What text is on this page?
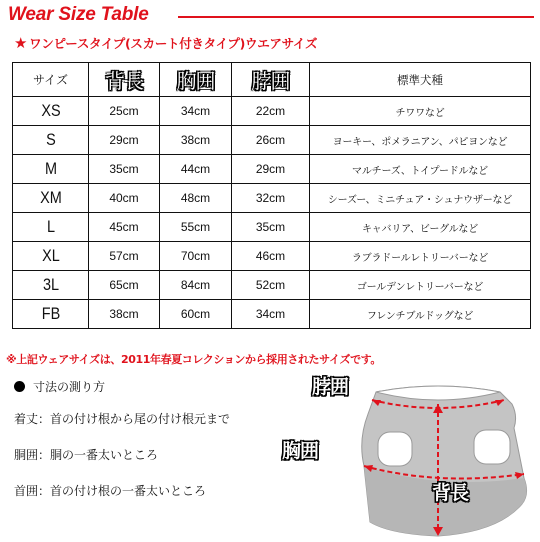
Wear Size Table
★ ワンピースタイプ(スカート付きタイプ)ウエアサイズ
サイズ	背長	胸囲	脖囲	標準犬種
XS	25cm	34cm	22cm	チワワなど
S	29cm	38cm	26cm	ヨーキー、ポメラニアン、パピヨンなど
M	35cm	44cm	29cm	マルチーズ、トイプードルなど
XM	40cm	48cm	32cm	シーズー、ミニチュア・シュナウザーなど
L	45cm	55cm	35cm	キャバリア、ビーグルなど
XL	57cm	70cm	46cm	ラブラドールレトリーバーなど
3L	65cm	84cm	52cm	ゴールデンレトリーバーなど
FB	38cm	60cm	34cm	フレンチブルドッグなど
※上記ウェアサイズは、2011年春夏コレクションから採用されたサイズです。
寸法の測り方
着丈：首の付け根から尾の付け根元まで
胴囲：胴の一番太いところ
首囲：首の付け根の一番太いところ
脖囲
胸囲
背長
